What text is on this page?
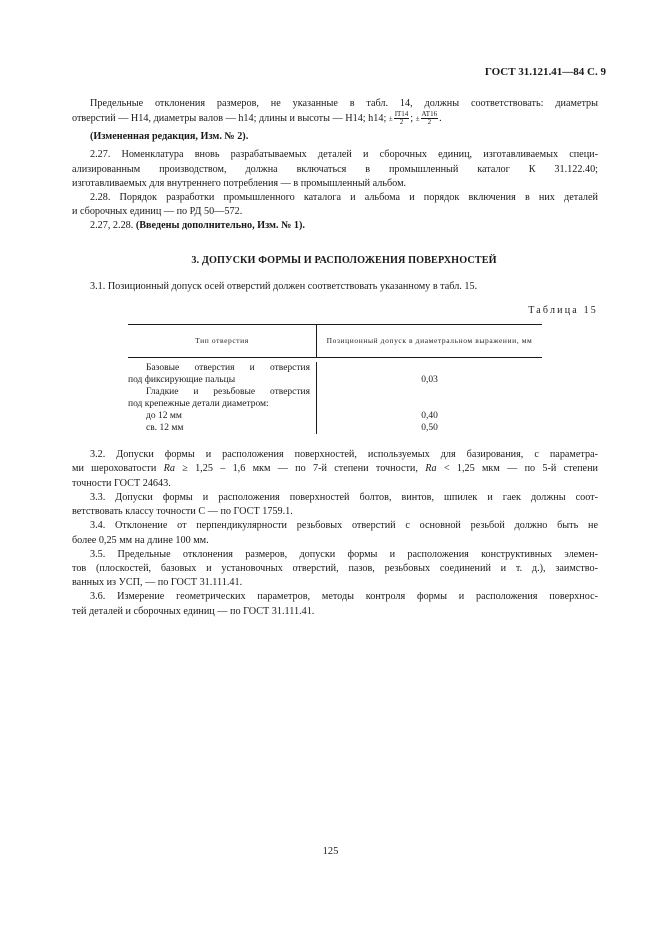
ГОСТ 31.121.41—84 С. 9

Предельные отклонения размеров, не указанные в табл. 14, должны соответствовать: диаметры

отверстий — Н14, диаметры валов — h14; длины и высоты — Н14; h14; ± $\frac{IT14}{2}$ ; ± $\frac{AT16}{2}$ .

(Измененная редакция, Изм. № 2).

2.27. Номенклатура вновь разрабатываемых деталей и сборочных единиц, изготавливаемых специ-

ализированным производством, должна включаться в промышленный каталог К 31.122.40;

изготавливаемых для внутреннего потребления — в промышленный альбом.

2.28. Порядок разработки промышленного каталога и альбома и порядок включения в них деталей

и сборочных единиц — по РД 50—572.

2.27, 2.28. (Введены дополнительно, Изм. № 1).

3. ДОПУСКИ ФОРМЫ И РАСПОЛОЖЕНИЯ ПОВЕРХНОСТЕЙ

3.1. Позиционный допуск осей отверстий должен соответствовать указанному в табл. 15.

Таблица 15
Тип отверстия	Позиционный допуск в диаметральном выражении, мм
Базовые отверстия и отверстия
под фиксирующие пальцы
Гладкие и резьбовые отверстия
под крепежные детали диаметром:
до 12 мм
св. 12 мм

0,03

0,40
0,50

3.2. Допуски формы и расположения поверхностей, используемых для базирования, с параметра-

ми шероховатости Ra ≥ 1,25 – 1,6 мкм — по 7-й степени точности, Ra < 1,25 мкм — по 5-й степени

точности ГОСТ 24643.

3.3. Допуски формы и расположения поверхностей болтов, винтов, шпилек и гаек должны соот-

ветствовать классу точности С — по ГОСТ 1759.1.

3.4. Отклонение от перпендикулярности резьбовых отверстий с основной резьбой должно быть не

более 0,25 мм на длине 100 мм.

3.5. Предельные отклонения размеров, допуски формы и расположения конструктивных элемен-

тов (плоскостей, базовых и установочных отверстий, пазов, резьбовых соединений и т. д.), заимство-

ванных из УСП, — по ГОСТ 31.111.41.

3.6. Измерение геометрических параметров, методы контроля формы и расположения поверхнос-

тей деталей и сборочных единиц — по ГОСТ 31.111.41.

125
